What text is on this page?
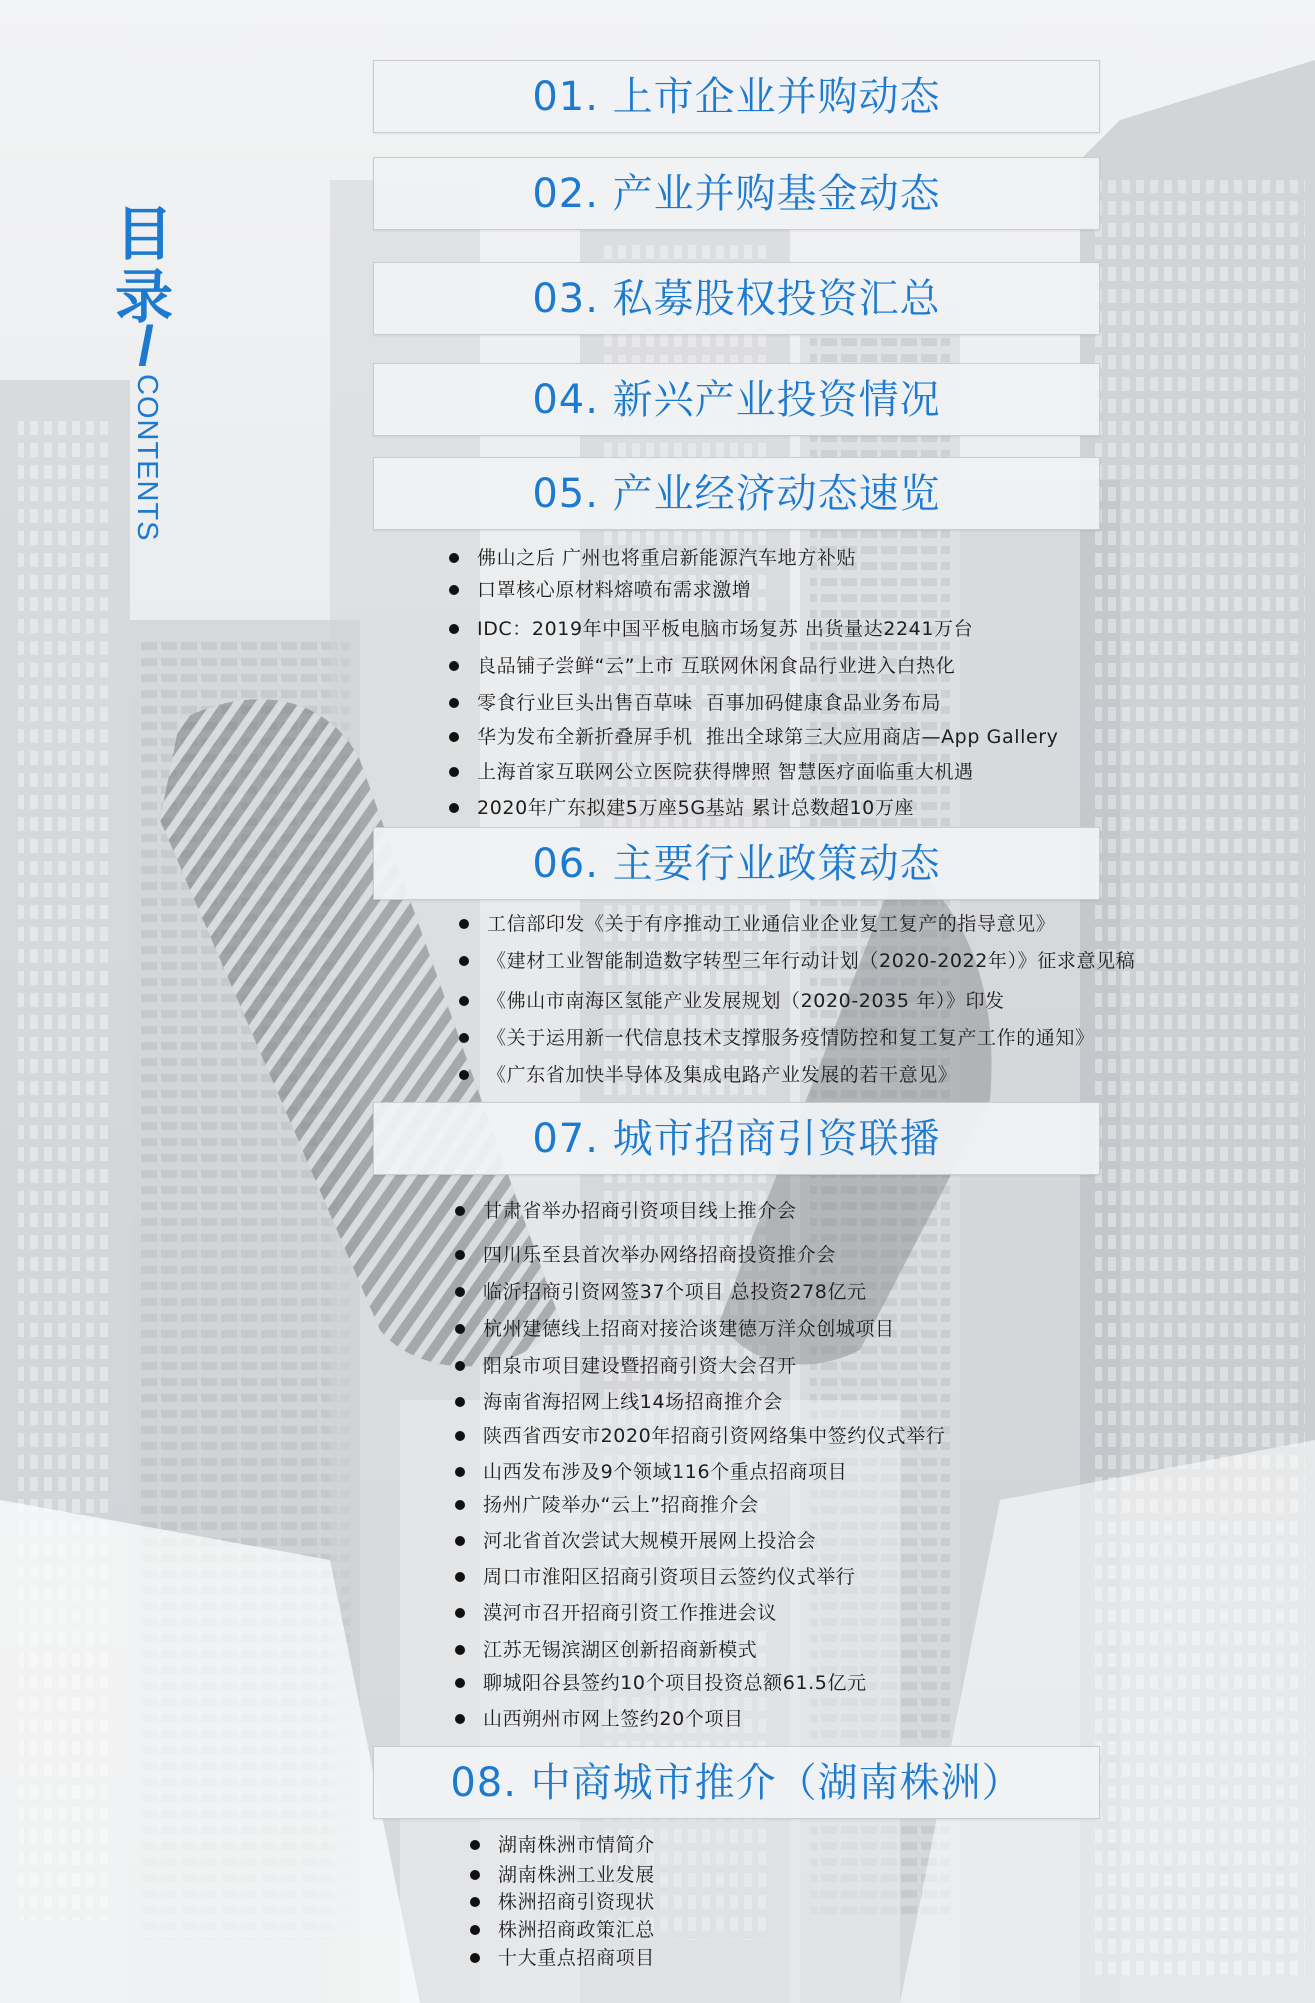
目
录
/
CONTENTS
01. 上市企业并购动态
02. 产业并购基金动态
03. 私募股权投资汇总
04. 新兴产业投资情况
05. 产业经济动态速览
佛山之后 广州也将重启新能源汽车地方补贴
口罩核心原材料熔喷布需求激增
IDC：2019年中国平板电脑市场复苏 出货量达2241万台
良品铺子尝鲜“云”上市 互联网休闲食品行业进入白热化
零食行业巨头出售百草味  百事加码健康食品业务布局
华为发布全新折叠屏手机  推出全球第三大应用商店—App Gallery
上海首家互联网公立医院获得牌照 智慧医疗面临重大机遇
2020年广东拟建5万座5G基站 累计总数超10万座
06. 主要行业政策动态
工信部印发《关于有序推动工业通信业企业复工复产的指导意见》
《建材工业智能制造数字转型三年行动计划（2020-2022年）》征求意见稿
《佛山市南海区氢能产业发展规划（2020-2035 年）》印发
《关于运用新一代信息技术支撑服务疫情防控和复工复产工作的通知》
《广东省加快半导体及集成电路产业发展的若干意见》
07. 城市招商引资联播
甘肃省举办招商引资项目线上推介会
四川乐至县首次举办网络招商投资推介会
临沂招商引资网签37个项目 总投资278亿元
杭州建德线上招商对接洽谈建德万洋众创城项目
阳泉市项目建设暨招商引资大会召开
海南省海招网上线14场招商推介会
陕西省西安市2020年招商引资网络集中签约仪式举行
山西发布涉及9个领域116个重点招商项目
扬州广陵举办“云上”招商推介会
河北省首次尝试大规模开展网上投洽会
周口市淮阳区招商引资项目云签约仪式举行
漠河市召开招商引资工作推进会议
江苏无锡滨湖区创新招商新模式
聊城阳谷县签约10个项目投资总额61.5亿元
山西朔州市网上签约20个项目
08. 中商城市推介（湖南株洲）
湖南株洲市情简介
湖南株洲工业发展
株洲招商引资现状
株洲招商政策汇总
十大重点招商项目
